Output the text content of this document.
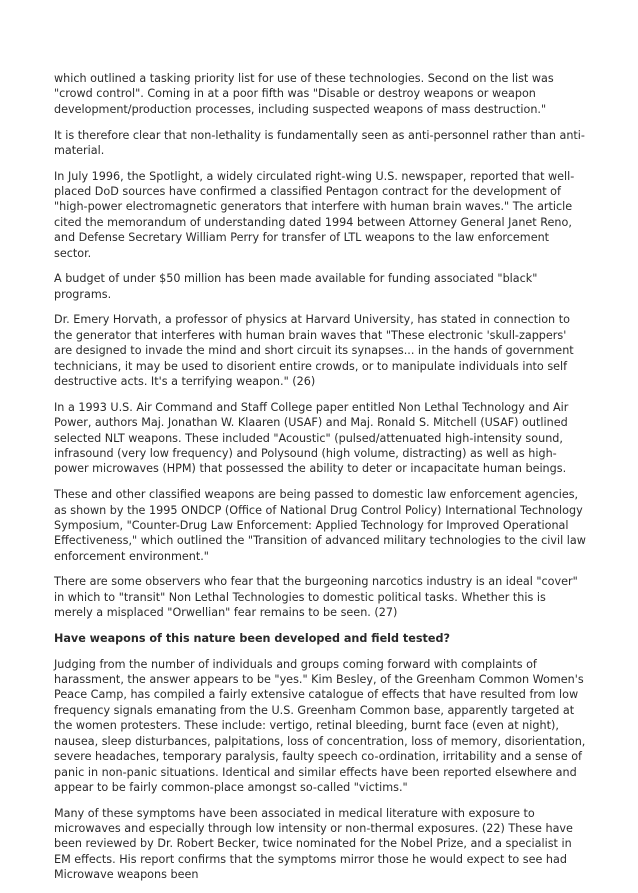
which outlined a tasking priority list for use of these technologies. Second on the list was "crowd control". Coming in at a poor fifth was "Disable or destroy weapons or weapon development/production processes, including suspected weapons of mass destruction."

It is therefore clear that non-lethality is fundamentally seen as anti-personnel rather than anti-material.

In July 1996, the Spotlight, a widely circulated right-wing U.S. newspaper, reported that well-placed DoD sources have confirmed a classified Pentagon contract for the development of "high-power electromagnetic generators that interfere with human brain waves." The article cited the memorandum of understanding dated 1994 between Attorney General Janet Reno, and Defense Secretary William Perry for transfer of LTL weapons to the law enforcement sector.

A budget of under $50 million has been made available for funding associated "black" programs.

Dr. Emery Horvath, a professor of physics at Harvard University, has stated in connection to the generator that interferes with human brain waves that "These electronic 'skull-zappers' are designed to invade the mind and short circuit its synapses... in the hands of government technicians, it may be used to disorient entire crowds, or to manipulate individuals into self destructive acts. It's a terrifying weapon." (26)

In a 1993 U.S. Air Command and Staff College paper entitled Non Lethal Technology and Air Power, authors Maj. Jonathan W. Klaaren (USAF) and Maj. Ronald S. Mitchell (USAF) outlined selected NLT weapons. These included "Acoustic" (pulsed/attenuated high-intensity sound, infrasound (very low frequency) and Polysound (high volume, distracting) as well as high-power microwaves (HPM) that possessed the ability to deter or incapacitate human beings.

These and other classified weapons are being passed to domestic law enforcement agencies, as shown by the 1995 ONDCP (Office of National Drug Control Policy) International Technology Symposium, "Counter-Drug Law Enforcement: Applied Technology for Improved Operational Effectiveness," which outlined the "Transition of advanced military technologies to the civil law enforcement environment."

There are some observers who fear that the burgeoning narcotics industry is an ideal "cover" in which to "transit" Non Lethal Technologies to domestic political tasks. Whether this is merely a misplaced "Orwellian" fear remains to be seen. (27)

Have weapons of this nature been developed and field tested?

Judging from the number of individuals and groups coming forward with complaints of harassment, the answer appears to be "yes." Kim Besley, of the Greenham Common Women's Peace Camp, has compiled a fairly extensive catalogue of effects that have resulted from low frequency signals emanating from the U.S. Greenham Common base, apparently targeted at the women protesters. These include: vertigo, retinal bleeding, burnt face (even at night), nausea, sleep disturbances, palpitations, loss of concentration, loss of memory, disorientation, severe headaches, temporary paralysis, faulty speech co-ordination, irritability and a sense of panic in non-panic situations. Identical and similar effects have been reported elsewhere and appear to be fairly common-place amongst so-called "victims."

Many of these symptoms have been associated in medical literature with exposure to microwaves and especially through low intensity or non-thermal exposures. (22) These have been reviewed by Dr. Robert Becker, twice nominated for the Nobel Prize, and a specialist in EM effects. His report confirms that the symptoms mirror those he would expect to see had Microwave weapons been
